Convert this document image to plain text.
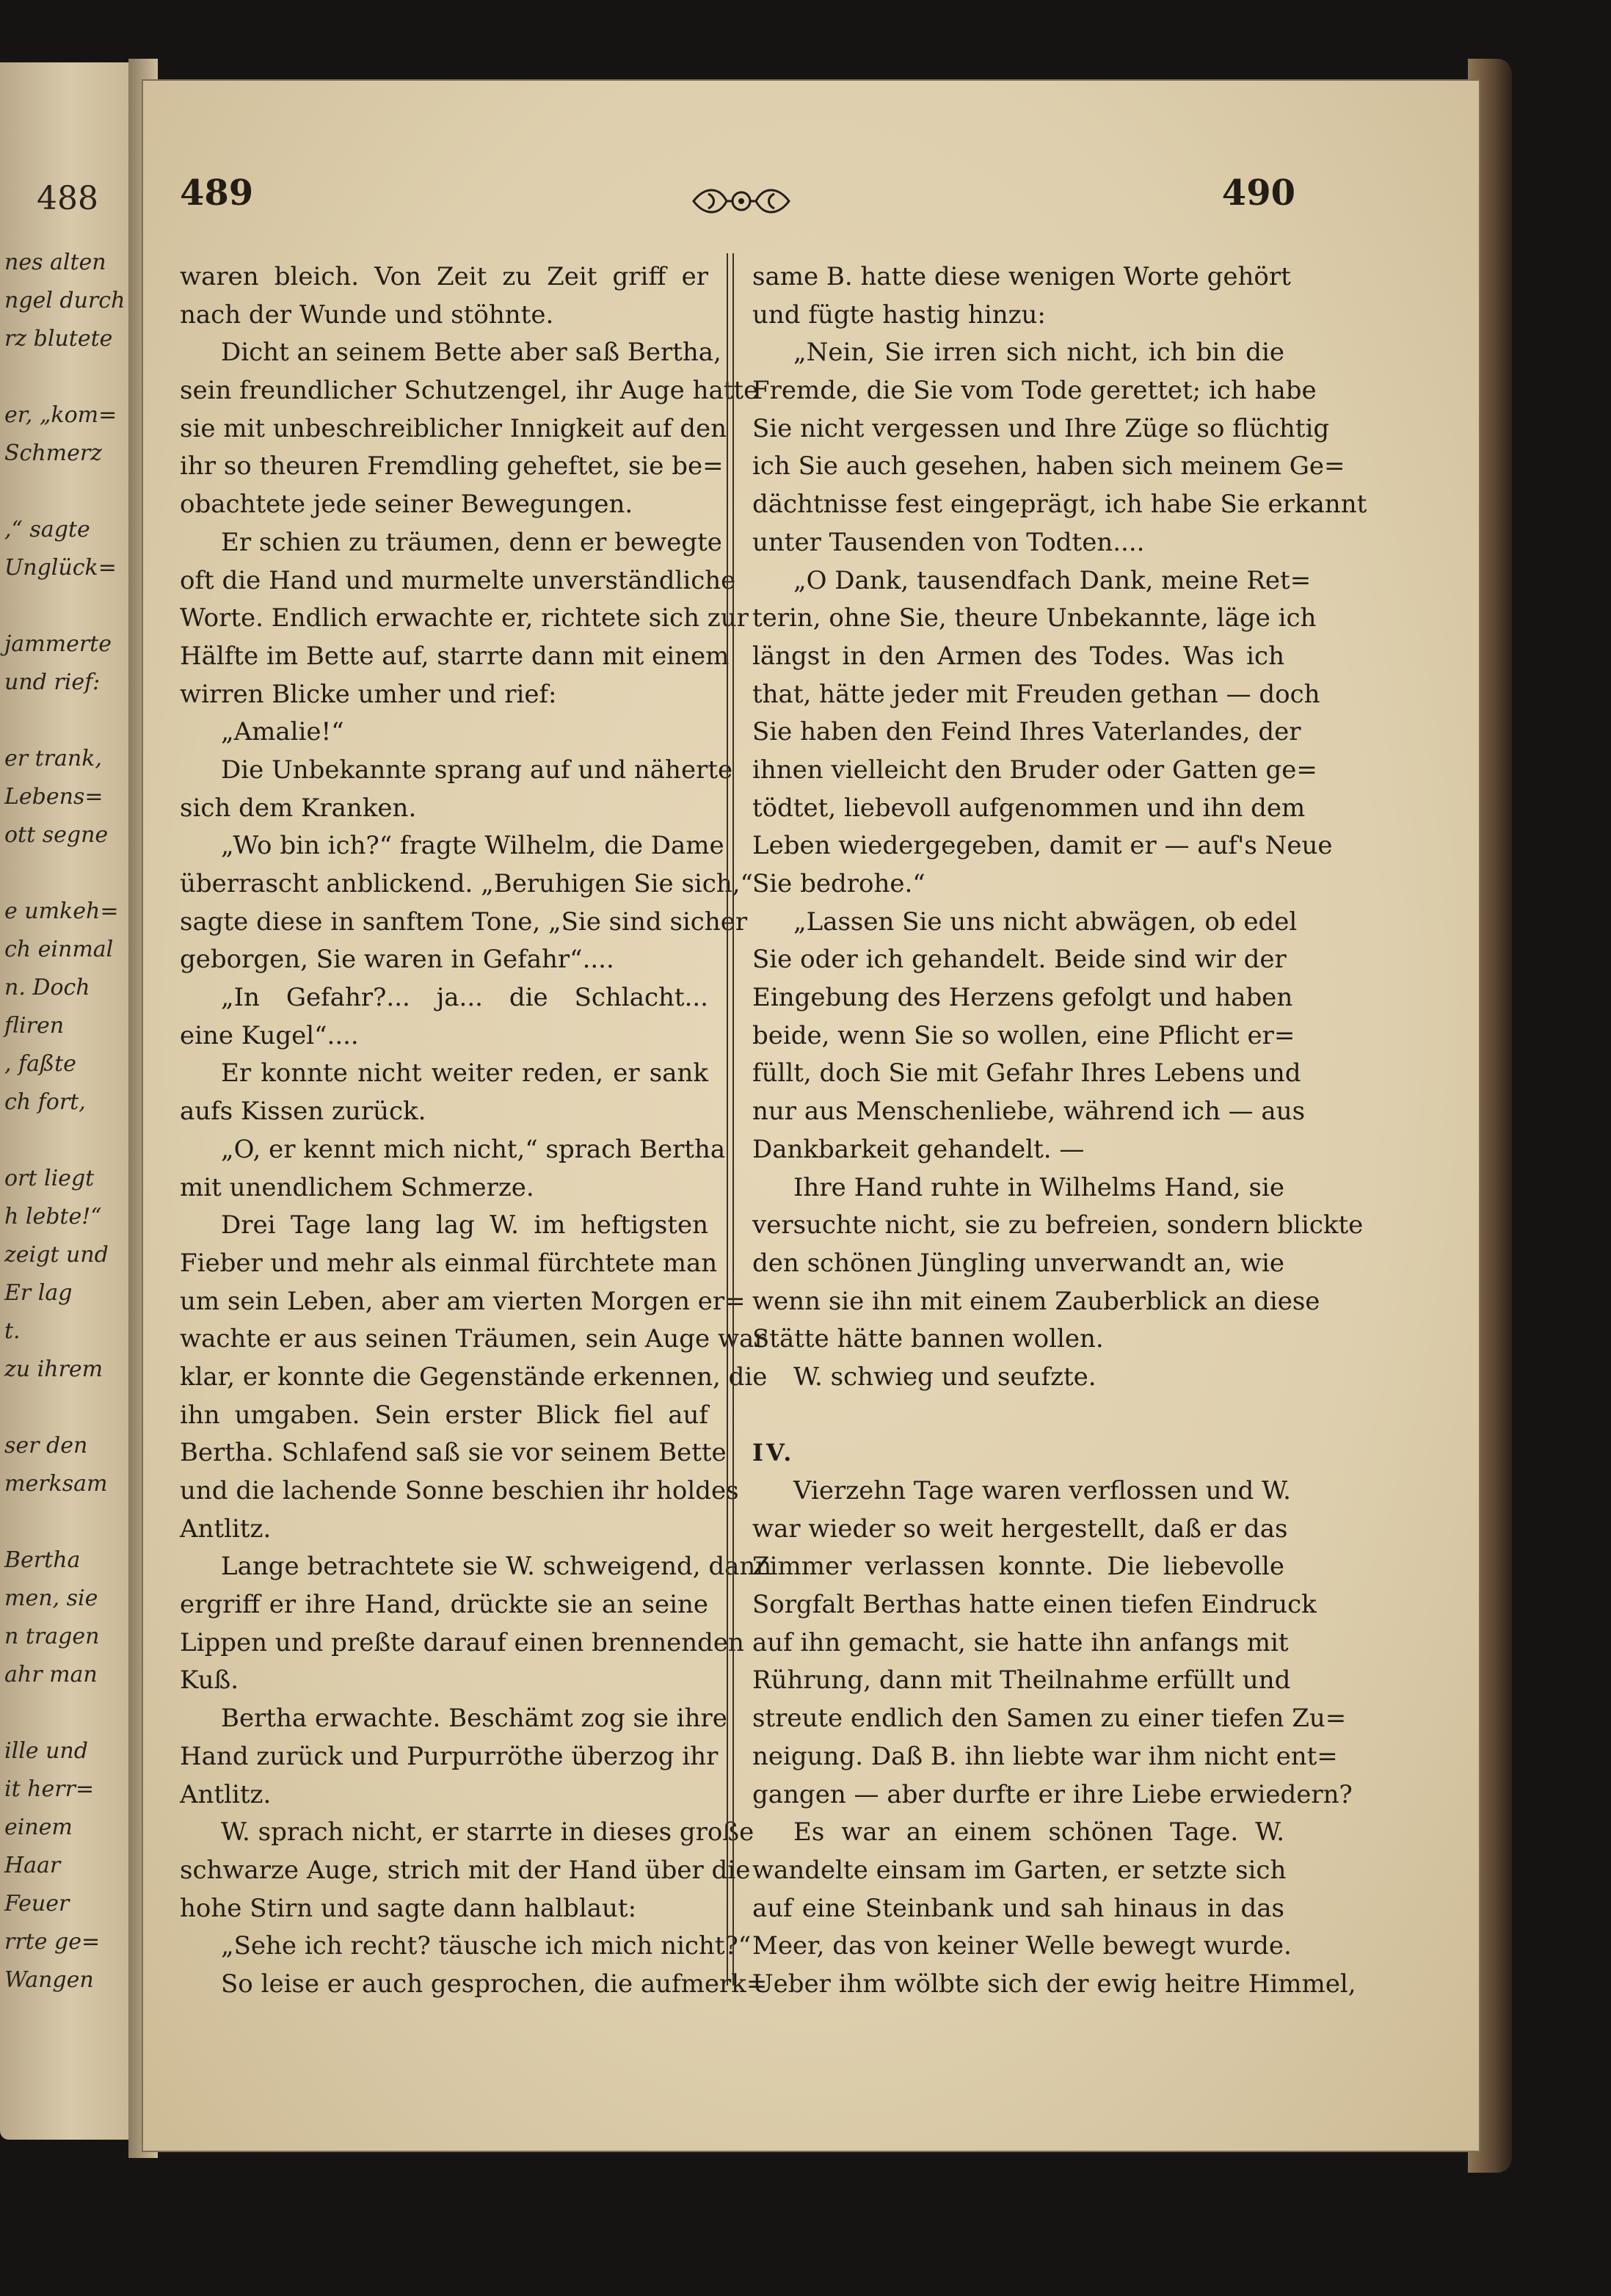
488
nes alten
ngel durch
rz blutete
er, „kom=
Schmerz
,“ sagte
Unglück=
jammerte
und rief:
er trank,
Lebens=
ott segne
e umkeh=
ch einmal
n. Doch
fliren
, faßte
ch fort,
ort liegt
h lebte!“
zeigt und
Er lag
t.
zu ihrem
ser den
merksam
Bertha
men, sie
n tragen
ahr man
ille und
it herr=
einem
Haar
Feuer
rrte ge=
Wangen
489	490
waren bleich. Von Zeit zu Zeit griff er
nach der Wunde und stöhnte.
Dicht an seinem Bette aber saß Bertha,
sein freundlicher Schutzengel, ihr Auge hatte
sie mit unbeschreiblicher Innigkeit auf den
ihr so theuren Fremdling geheftet, sie be=
obachtete jede seiner Bewegungen.
Er schien zu träumen, denn er bewegte
oft die Hand und murmelte unverständliche
Worte. Endlich erwachte er, richtete sich zur
Hälfte im Bette auf, starrte dann mit einem
wirren Blicke umher und rief:
„Amalie!“
Die Unbekannte sprang auf und näherte
sich dem Kranken.
„Wo bin ich?“ fragte Wilhelm, die Dame
überrascht anblickend. „Beruhigen Sie sich,“
sagte diese in sanftem Tone, „Sie sind sicher
geborgen, Sie waren in Gefahr“....
„In Gefahr?... ja... die Schlacht...
eine Kugel“....
Er konnte nicht weiter reden, er sank
aufs Kissen zurück.
„O, er kennt mich nicht,“ sprach Bertha
mit unendlichem Schmerze.
Drei Tage lang lag W. im heftigsten
Fieber und mehr als einmal fürchtete man
um sein Leben, aber am vierten Morgen er=
wachte er aus seinen Träumen, sein Auge war
klar, er konnte die Gegenstände erkennen, die
ihn umgaben. Sein erster Blick fiel auf
Bertha. Schlafend saß sie vor seinem Bette
und die lachende Sonne beschien ihr holdes
Antlitz.
Lange betrachtete sie W. schweigend, dann
ergriff er ihre Hand, drückte sie an seine
Lippen und preßte darauf einen brennenden
Kuß.
Bertha erwachte. Beschämt zog sie ihre
Hand zurück und Purpurröthe überzog ihr
Antlitz.
W. sprach nicht, er starrte in dieses große
schwarze Auge, strich mit der Hand über die
hohe Stirn und sagte dann halblaut:
„Sehe ich recht? täusche ich mich nicht?“
So leise er auch gesprochen, die aufmerk=
same B. hatte diese wenigen Worte gehört
und fügte hastig hinzu:
„Nein, Sie irren sich nicht, ich bin die
Fremde, die Sie vom Tode gerettet; ich habe
Sie nicht vergessen und Ihre Züge so flüchtig
ich Sie auch gesehen, haben sich meinem Ge=
dächtnisse fest eingeprägt, ich habe Sie erkannt
unter Tausenden von Todten....
„O Dank, tausendfach Dank, meine Ret=
terin, ohne Sie, theure Unbekannte, läge ich
längst in den Armen des Todes. Was ich
that, hätte jeder mit Freuden gethan — doch
Sie haben den Feind Ihres Vaterlandes, der
ihnen vielleicht den Bruder oder Gatten ge=
tödtet, liebevoll aufgenommen und ihn dem
Leben wiedergegeben, damit er — auf's Neue
Sie bedrohe.“
„Lassen Sie uns nicht abwägen, ob edel
Sie oder ich gehandelt. Beide sind wir der
Eingebung des Herzens gefolgt und haben
beide, wenn Sie so wollen, eine Pflicht er=
füllt, doch Sie mit Gefahr Ihres Lebens und
nur aus Menschenliebe, während ich — aus
Dankbarkeit gehandelt. —
Ihre Hand ruhte in Wilhelms Hand, sie
versuchte nicht, sie zu befreien, sondern blickte
den schönen Jüngling unverwandt an, wie
wenn sie ihn mit einem Zauberblick an diese
Stätte hätte bannen wollen.
W. schwieg und seufzte.
IV.
Vierzehn Tage waren verflossen und W.
war wieder so weit hergestellt, daß er das
Zimmer verlassen konnte. Die liebevolle
Sorgfalt Berthas hatte einen tiefen Eindruck
auf ihn gemacht, sie hatte ihn anfangs mit
Rührung, dann mit Theilnahme erfüllt und
streute endlich den Samen zu einer tiefen Zu=
neigung. Daß B. ihn liebte war ihm nicht ent=
gangen — aber durfte er ihre Liebe erwiedern?
Es war an einem schönen Tage. W.
wandelte einsam im Garten, er setzte sich
auf eine Steinbank und sah hinaus in das
Meer, das von keiner Welle bewegt wurde.
Ueber ihm wölbte sich der ewig heitre Himmel,
